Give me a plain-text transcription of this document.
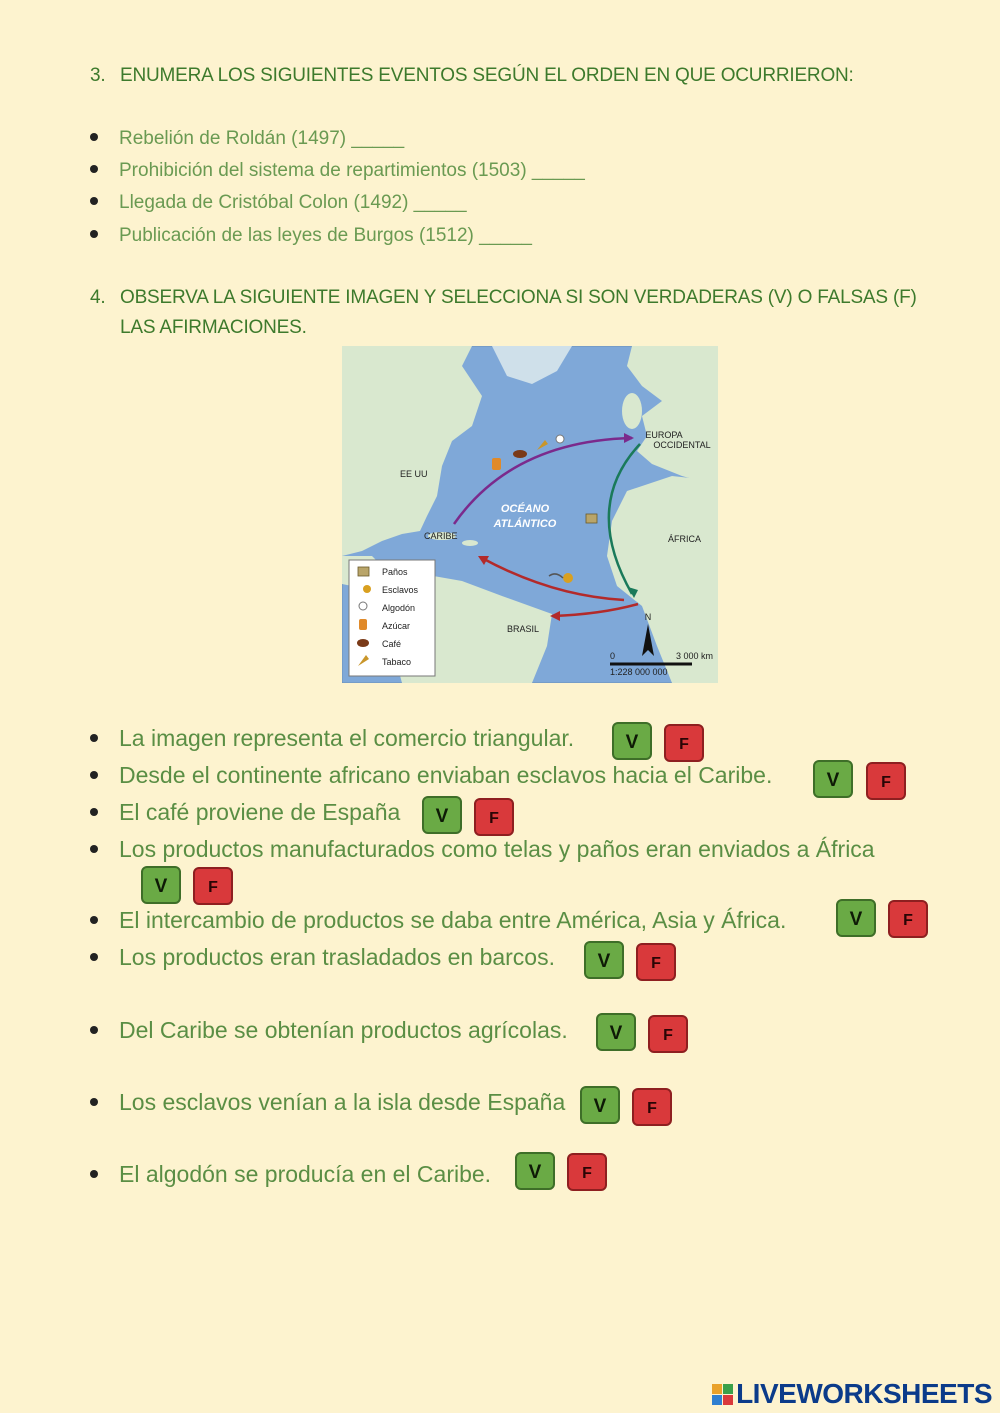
3. ENUMERA LOS SIGUIENTES EVENTOS SEGÚN EL ORDEN EN QUE OCURRIERON:
Rebelión de Roldán (1497) _____
Prohibición del sistema de repartimientos (1503) _____
Llegada de Cristóbal Colon (1492) _____
Publicación de las leyes de Burgos (1512) _____
4. OBSERVA LA SIGUIENTE IMAGEN Y SELECCIONA SI SON VERDADERAS (V) O FALSAS (F)
LAS AFIRMACIONES.
EUROPA
OCCIDENTAL
EE UU
OCÉANO
ATLÁNTICO
CARIBE	ÁFRICA
BRASIL
N
0	3 000 km
1:228 000 000
Paños
Esclavos
Algodón
Azúcar
Café
Tabaco
La imagen representa el comercio triangular.	V	F
Desde el continente africano enviaban esclavos hacia el Caribe.	V	F
El café proviene de España	V	F
Los productos manufacturados como telas y paños eran enviados a África
V	F
El intercambio de productos se daba entre América, Asia y África.	V	F
Los productos eran trasladados en barcos.	V	F
Del Caribe se obtenían productos agrícolas.	V	F
Los esclavos venían a la isla desde España	V	F
El algodón se producía en el Caribe.	V	F
LIVEWORKSHEETS
